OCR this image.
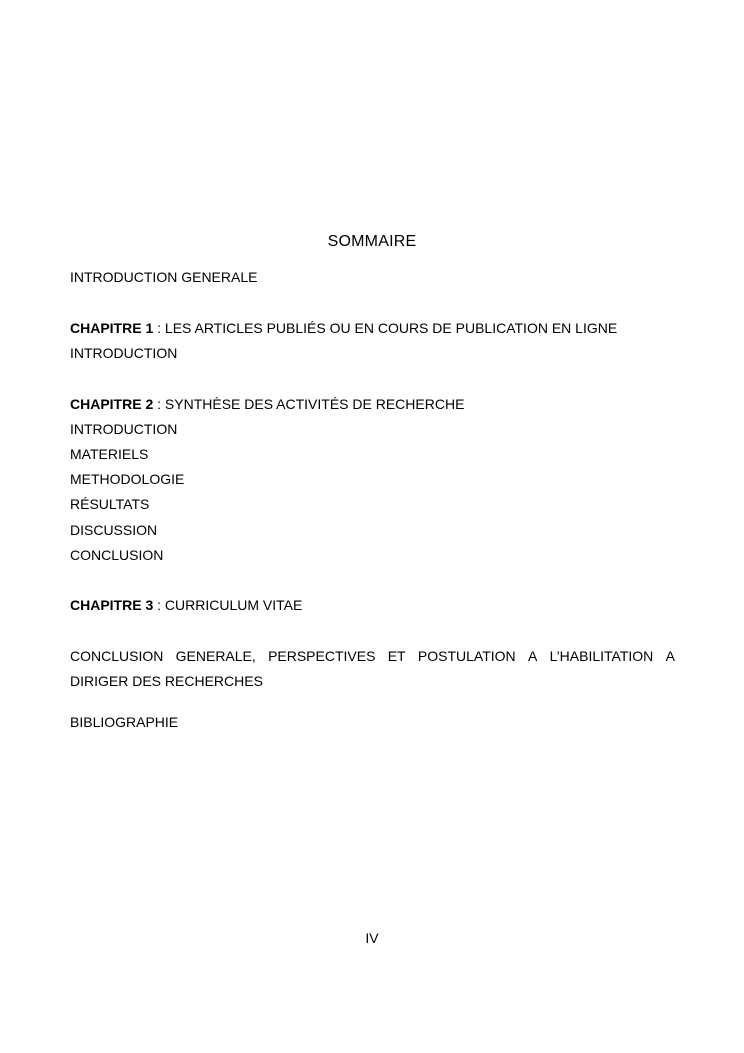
SOMMAIRE
INTRODUCTION GENERALE
CHAPITRE 1 : LES ARTICLES PUBLIÉS OU EN COURS DE PUBLICATION EN LIGNE
INTRODUCTION
CHAPITRE 2 : SYNTHÈSE DES ACTIVITÉS DE RECHERCHE
INTRODUCTION
MATERIELS
METHODOLOGIE
RÉSULTATS
DISCUSSION
CONCLUSION
CHAPITRE 3 : CURRICULUM VITAE
CONCLUSION GENERALE, PERSPECTIVES ET POSTULATION A L’HABILITATION A
DIRIGER DES RECHERCHES
BIBLIOGRAPHIE
IV
